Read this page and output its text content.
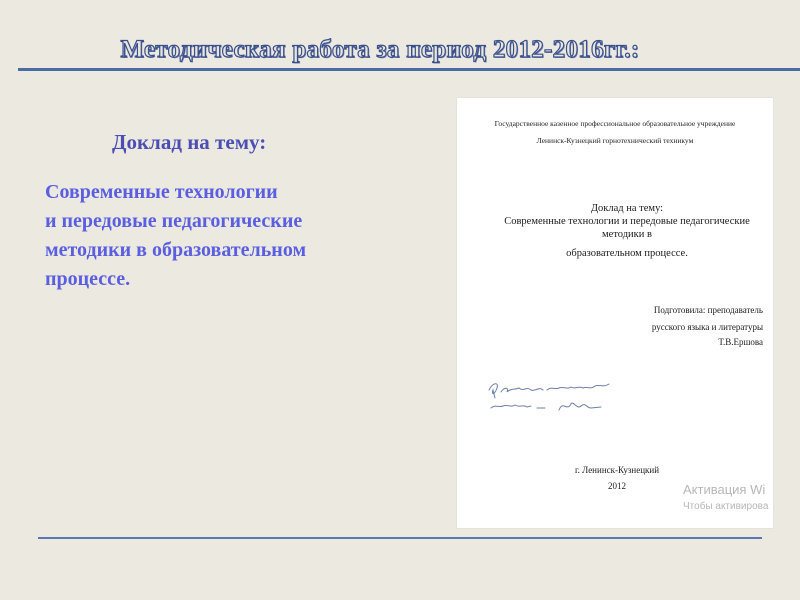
Методическая работа за период 2012-2016гг.:
Доклад на тему:
Современные технологии
и передовые педагогические
методики в образовательном
процессе.
Государственное казенное профессиональное образовательное учреждение
Ленинск-Кузнецкий горнотехнический техникум
Доклад на тему:
Современные технологии и передовые педагогические
методики в
образовательном процессе.
Подготовила: преподаватель
русского языка и литературы
Т.В.Ершова
г. Ленинск-Кузнецкий
2012	Активация Wi
Чтобы активирова
